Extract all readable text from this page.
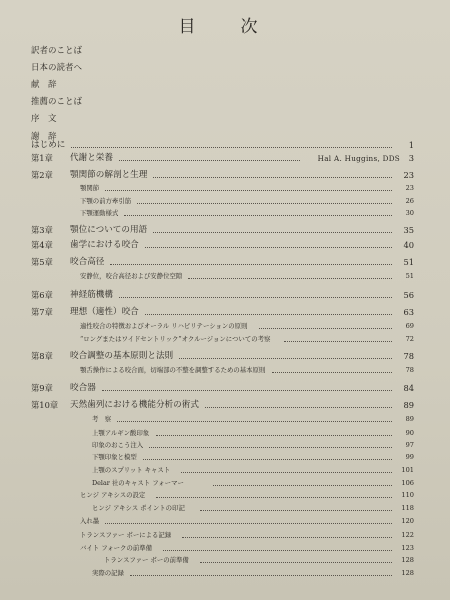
目　次
訳者のことば
日本の読者へ
献　辞
推薦のことば
序　文
謝　辞
はじめに	1
第1章 代謝と栄養	Hal A. Huggins, DDS 3
第2章 顎関節の解剖と生理	23
顎関節	23
下顎の前方牽引筋	26
下顎運動様式	30
第3章 顎位についての用語	35
第4章 歯学における咬合	40
第5章 咬合高径	51
安静位，咬合高径および安静位空隙	51
第6章 神経筋機構	56
第7章 理想（適性）咬合	63
適性咬合の特徴およびオーラル リハビリテーションの原則	69
“ロングまたはワイドセントリック”オクルージョンについての考察	72
第8章 咬合調整の基本原則と法則	78
顎舌操作による咬合面，切端部の不整を調整するための基本原則	78
第9章 咬合器	84
第10章 天然歯列における機能分析の術式	89
考　察	89
上顎アルギン酸印象	90
印象のおこう注入	97
下顎印象と模型	99
上顎のスプリット キャスト	101
Delar 社のキャスト フォーマー	106
ヒンジ アキシスの設定	110
ヒンジ アキシス ポイントの印記	118
入れ墨	120
トランスファー ボーによる記録	122
バイト フォークの前準備	123
トランスファー ボーの前準備	128
実際の記録	128
